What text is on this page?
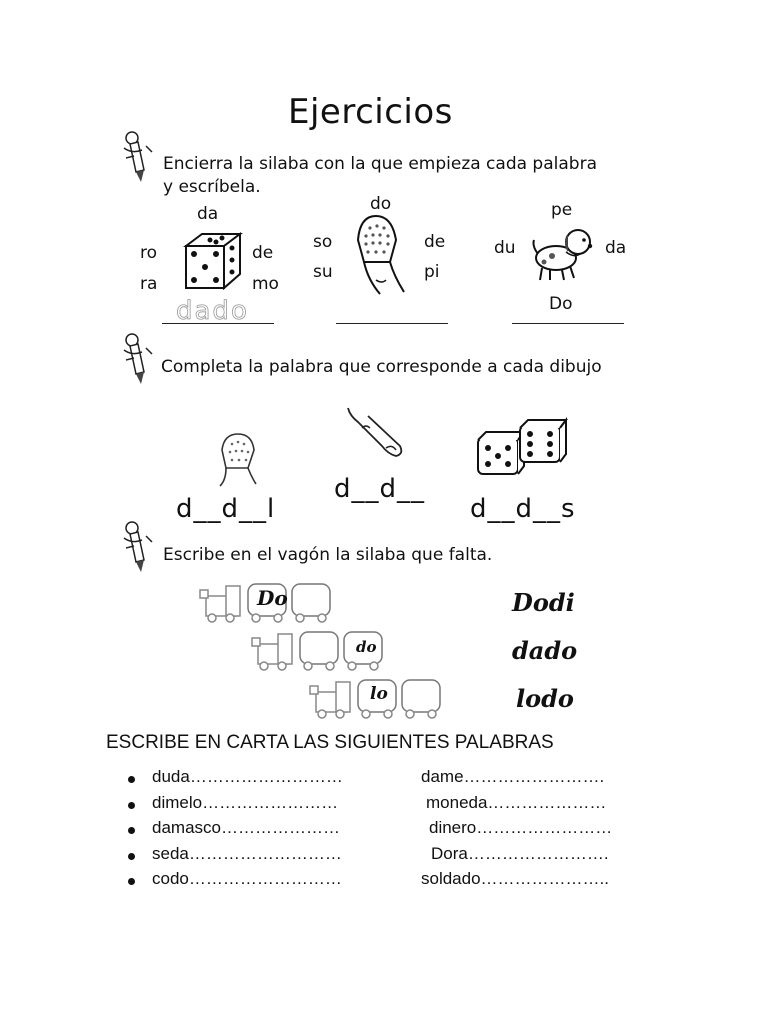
Ejercicios
Encierra la silaba con la que empieza cada palabra
y escríbela.
da
ro
ra
de
mo
dado
do
so
su
de
pi
pe
du	da
Do
Completa la palabra que corresponde a cada dibujo
d__d__l
d__d__
d__d__s
Escribe en el vagón la silaba que falta.
Do	Dodi
do	dado
lo	lodo
ESCRIBE EN CARTA LAS SIGUIENTES PALABRAS
duda………………………	dame…………………….
dimelo……………………	moneda…………………
damasco…………………	dinero……………………
seda………………………	Dora…………………….
codo………………………	soldado…………………..
